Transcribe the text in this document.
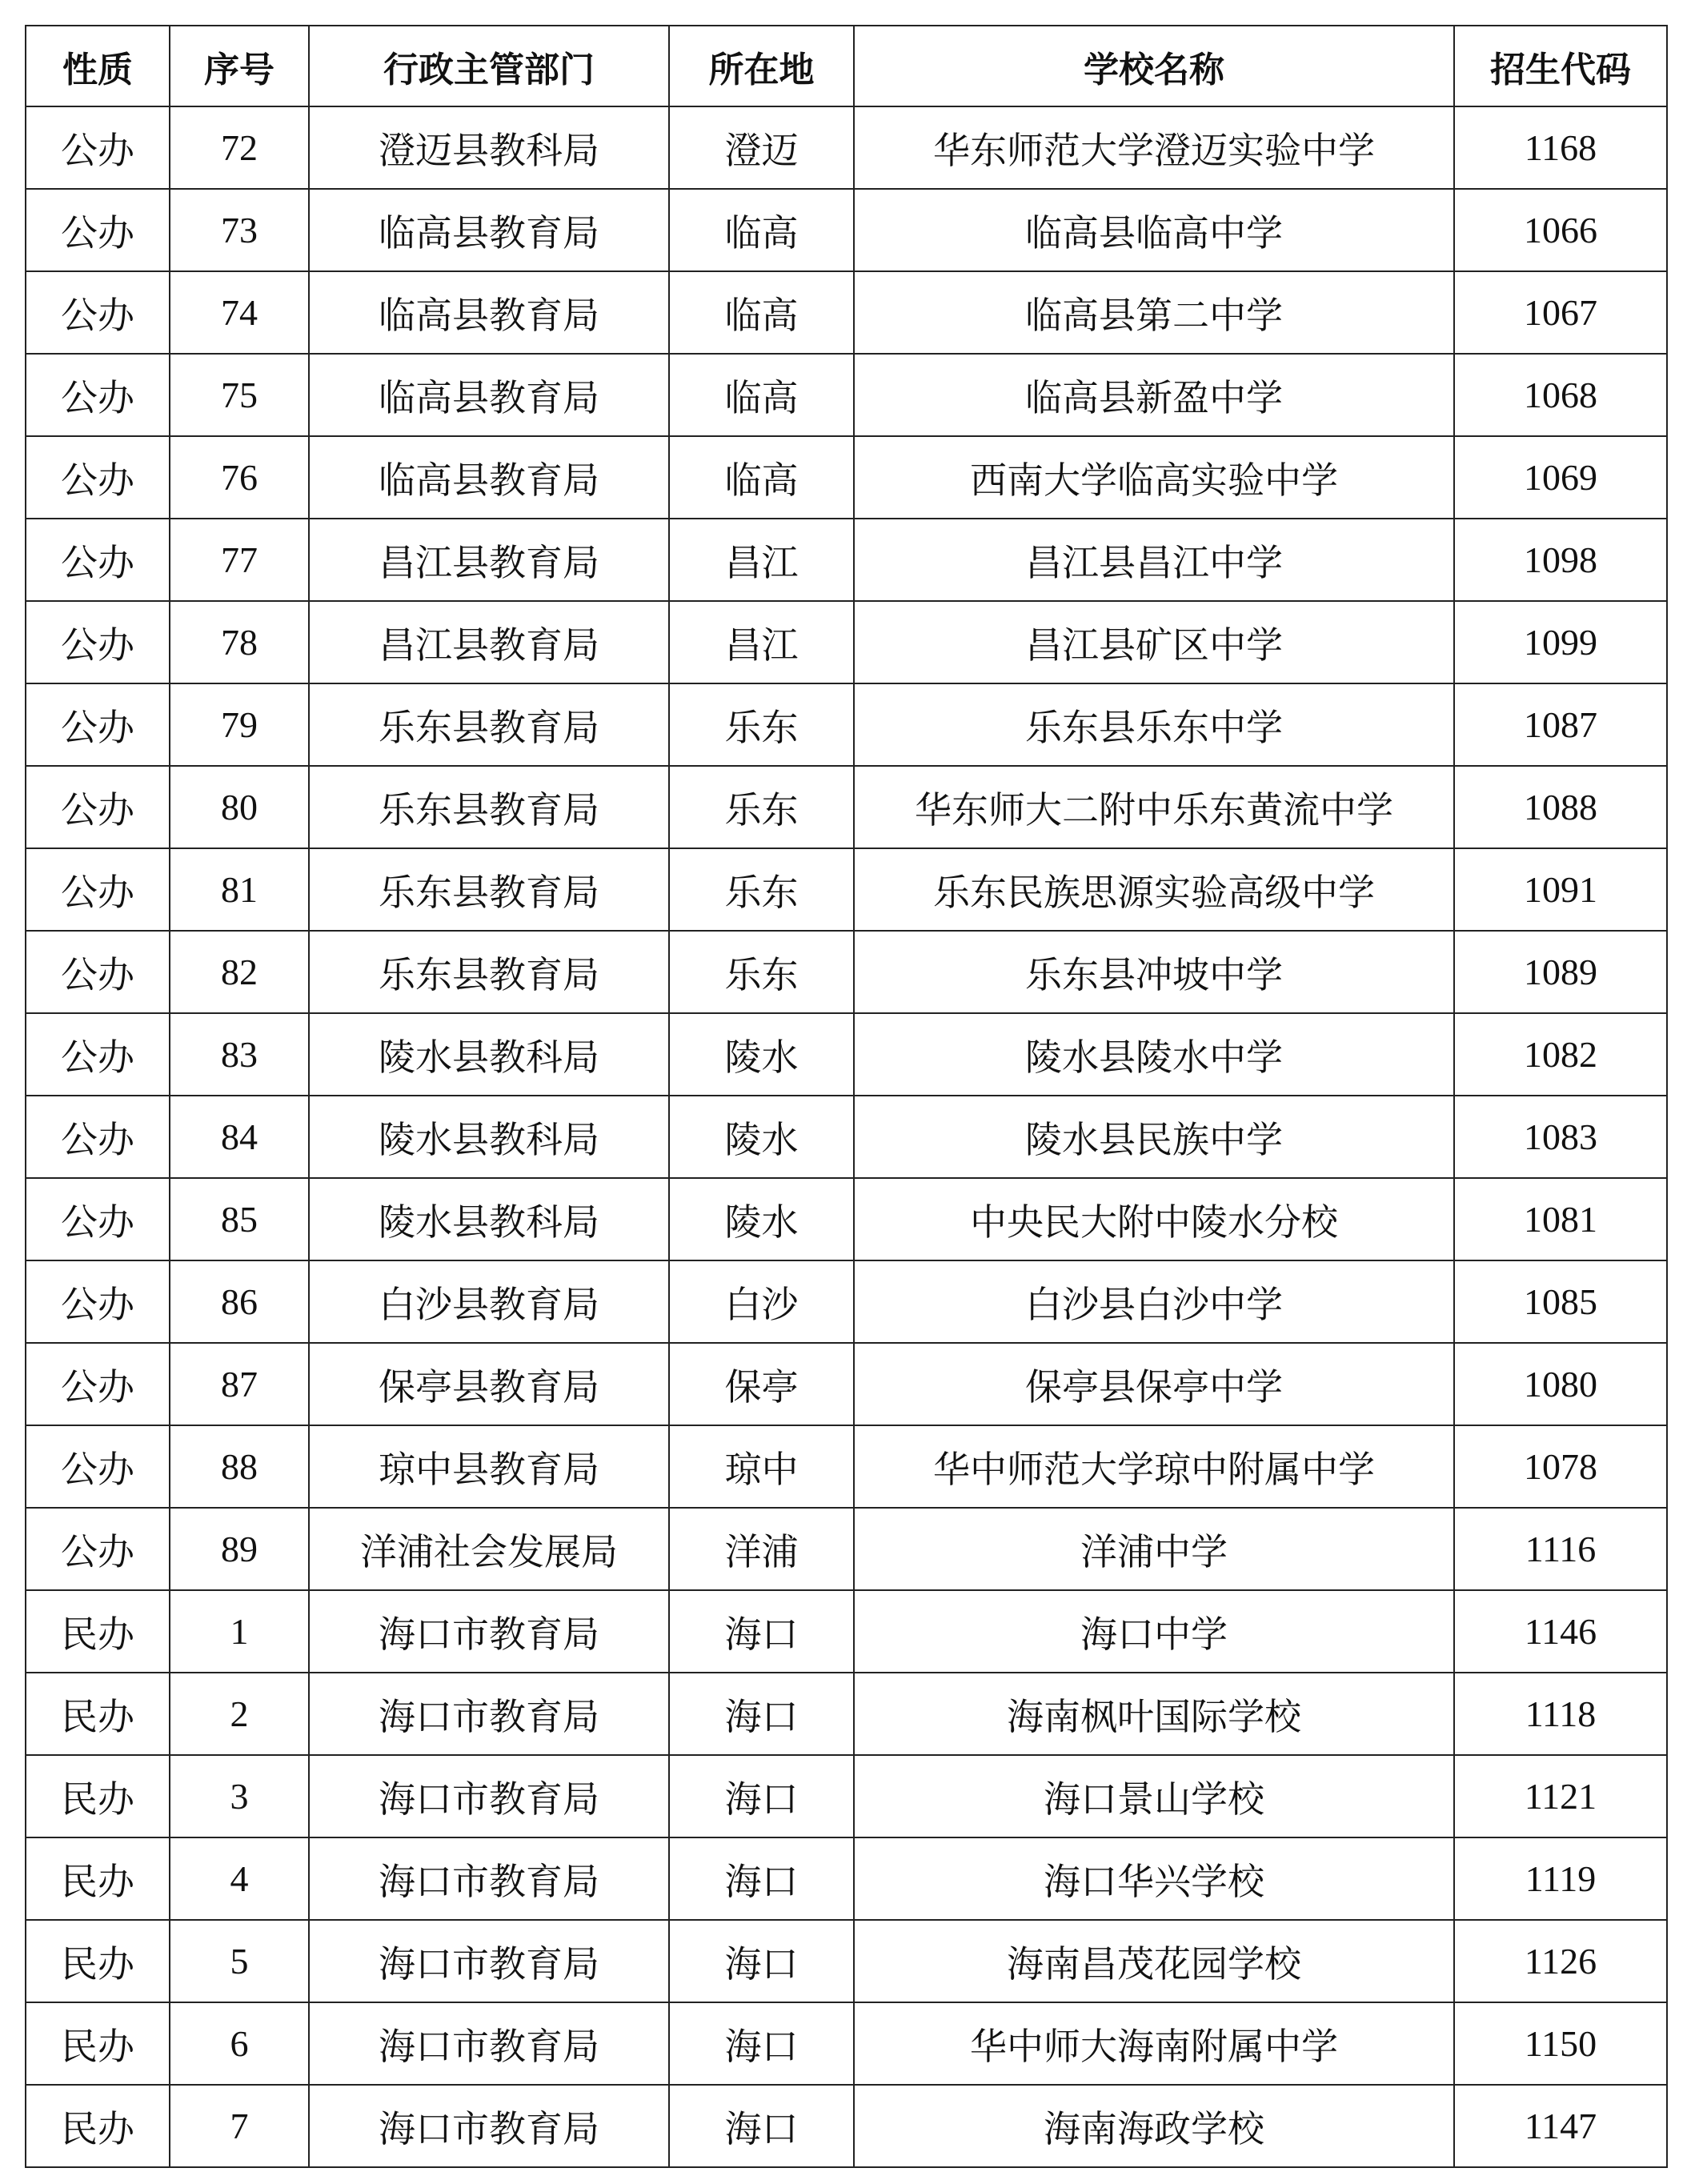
性质	序号	行政主管部门	所在地	学校名称	招生代码
公办	72	澄迈县教科局	澄迈	华东师范大学澄迈实验中学	1168
公办	73	临高县教育局	临高	临高县临高中学	1066
公办	74	临高县教育局	临高	临高县第二中学	1067
公办	75	临高县教育局	临高	临高县新盈中学	1068
公办	76	临高县教育局	临高	西南大学临高实验中学	1069
公办	77	昌江县教育局	昌江	昌江县昌江中学	1098
公办	78	昌江县教育局	昌江	昌江县矿区中学	1099
公办	79	乐东县教育局	乐东	乐东县乐东中学	1087
公办	80	乐东县教育局	乐东	华东师大二附中乐东黄流中学	1088
公办	81	乐东县教育局	乐东	乐东民族思源实验高级中学	1091
公办	82	乐东县教育局	乐东	乐东县冲坡中学	1089
公办	83	陵水县教科局	陵水	陵水县陵水中学	1082
公办	84	陵水县教科局	陵水	陵水县民族中学	1083
公办	85	陵水县教科局	陵水	中央民大附中陵水分校	1081
公办	86	白沙县教育局	白沙	白沙县白沙中学	1085
公办	87	保亭县教育局	保亭	保亭县保亭中学	1080
公办	88	琼中县教育局	琼中	华中师范大学琼中附属中学	1078
公办	89	洋浦社会发展局	洋浦	洋浦中学	1116
民办	1	海口市教育局	海口	海口中学	1146
民办	2	海口市教育局	海口	海南枫叶国际学校	1118
民办	3	海口市教育局	海口	海口景山学校	1121
民办	4	海口市教育局	海口	海口华兴学校	1119
民办	5	海口市教育局	海口	海南昌茂花园学校	1126
民办	6	海口市教育局	海口	华中师大海南附属中学	1150
民办	7	海口市教育局	海口	海南海政学校	1147
